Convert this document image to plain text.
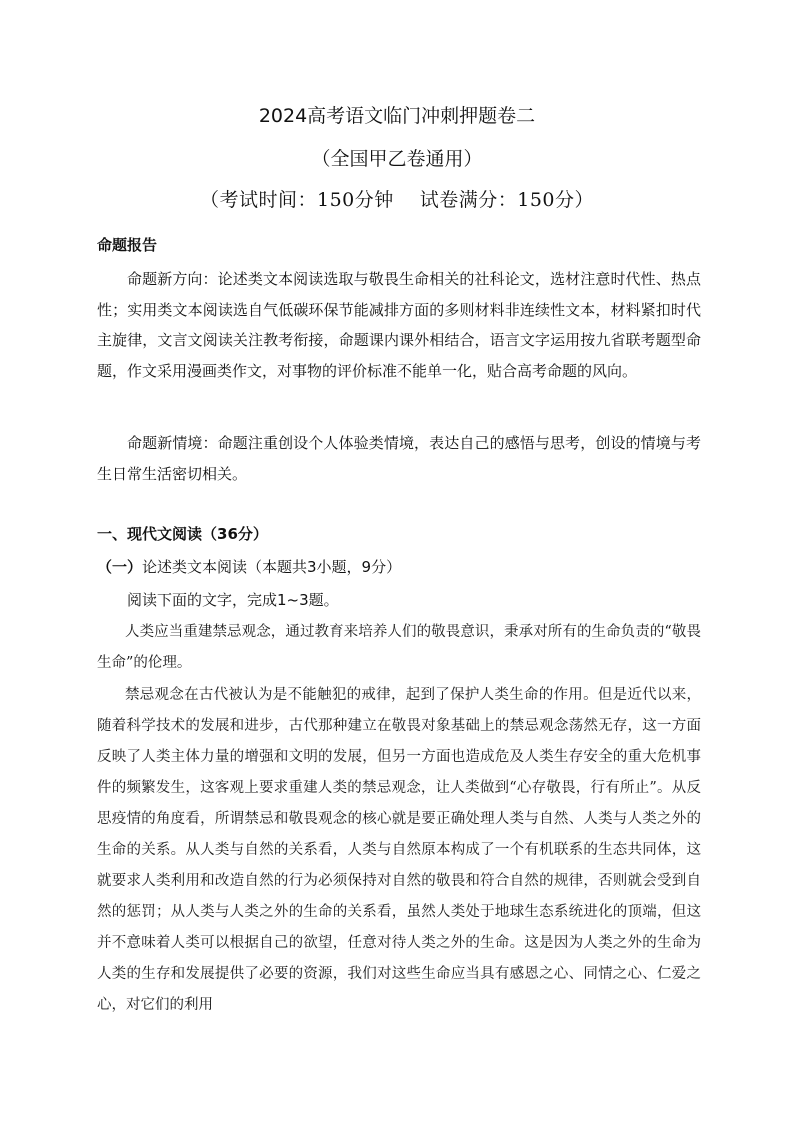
2024高考语文临门冲刺押题卷二
（全国甲乙卷通用）
（考试时间：150分钟 试卷满分：150分）
命题报告
命题新方向：论述类文本阅读选取与敬畏生命相关的社科论文，选材注意时代性、热点性；实用类文本阅读选自气低碳环保节能减排方面的多则材料非连续性文本，材料紧扣时代主旋律，文言文阅读关注教考衔接，命题课内课外相结合，语言文字运用按九省联考题型命题，作文采用漫画类作文，对事物的评价标准不能单一化，贴合高考命题的风向。
命题新情境：命题注重创设个人体验类情境，表达自己的感悟与思考，创设的情境与考生日常生活密切相关。
一、现代文阅读（36分）
（一）论述类文本阅读（本题共3小题，9分）
阅读下面的文字，完成1~3题。
人类应当重建禁忌观念，通过教育来培养人们的敬畏意识，秉承对所有的生命负责的“敬畏生命”的伦理。
禁忌观念在古代被认为是不能触犯的戒律，起到了保护人类生命的作用。但是近代以来，随着科学技术的发展和进步，古代那种建立在敬畏对象基础上的禁忌观念荡然无存，这一方面反映了人类主体力量的增强和文明的发展，但另一方面也造成危及人类生存安全的重大危机事件的频繁发生，这客观上要求重建人类的禁忌观念，让人类做到“心存敬畏，行有所止”。从反思疫情的角度看，所谓禁忌和敬畏观念的核心就是要正确处理人类与自然、人类与人类之外的生命的关系。从人类与自然的关系看，人类与自然原本构成了一个有机联系的生态共同体，这就要求人类利用和改造自然的行为必须保持对自然的敬畏和符合自然的规律，否则就会受到自然的惩罚；从人类与人类之外的生命的关系看，虽然人类处于地球生态系统进化的顶端，但这并不意味着人类可以根据自己的欲望，任意对待人类之外的生命。这是因为人类之外的生命为人类的生存和发展提供了必要的资源，我们对这些生命应当具有感恩之心、同情之心、仁爱之心，对它们的利用
